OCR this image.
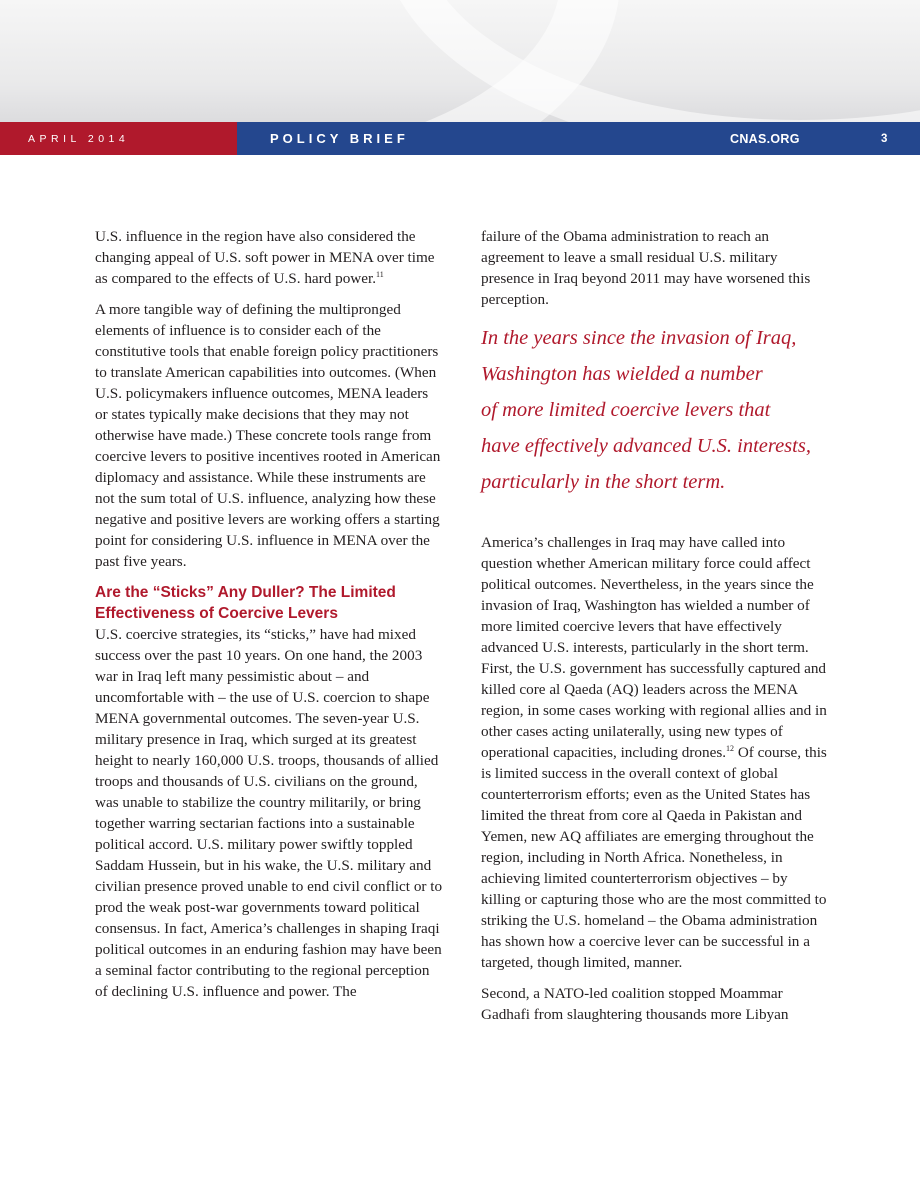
APRIL 2014	POLICY BRIEF	CNAS.ORG	3

U.S. influence in the region have also considered the changing appeal of U.S. soft power in MENA over time as compared to the effects of U.S. hard power.$^{11}$

A more tangible way of defining the multipronged elements of influence is to consider each of the constitutive tools that enable foreign policy practitioners to translate American capabilities into outcomes. (When U.S. policymakers influence outcomes, MENA leaders or states typically make decisions that they may not otherwise have made.) These concrete tools range from coercive levers to positive incentives rooted in American diplomacy and assistance. While these instruments are not the sum total of U.S. influence, analyzing how these negative and positive levers are working offers a starting point for considering U.S. influence in MENA over the past five years.

Are the “Sticks” Any Duller? The Limited Effectiveness of Coercive Levers

U.S. coercive strategies, its “sticks,” have had mixed success over the past 10 years. On one hand, the 2003 war in Iraq left many pessimistic about – and uncomfortable with – the use of U.S. coercion to shape MENA governmental outcomes. The seven-year U.S. military presence in Iraq, which surged at its greatest height to nearly 160,000 U.S. troops, thousands of allied troops and thousands of U.S. civilians on the ground, was unable to stabilize the country militarily, or bring together warring sectarian factions into a sustainable political accord. U.S. military power swiftly toppled Saddam Hussein, but in his wake, the U.S. military and civilian presence proved unable to end civil conflict or to prod the weak post-war governments toward political consensus. In fact, America’s challenges in shaping Iraqi political outcomes in an enduring fashion may have been a seminal factor contributing to the regional perception of declining U.S. influence and power. The

failure of the Obama administration to reach an agreement to leave a small residual U.S. military presence in Iraq beyond 2011 may have worsened this perception.

In the years since the invasion of Iraq,
Washington has wielded a number
of more limited coercive levers that
have effectively advanced U.S. interests,
particularly in the short term.

America’s challenges in Iraq may have called into question whether American military force could affect political outcomes. Nevertheless, in the years since the invasion of Iraq, Washington has wielded a number of more limited coercive levers that have effectively advanced U.S. interests, particularly in the short term. First, the U.S. government has successfully captured and killed core al Qaeda (AQ) leaders across the MENA region, in some cases working with regional allies and in other cases acting unilaterally, using new types of operational capacities, including drones.$^{12}$ Of course, this is limited success in the overall context of global counterterrorism efforts; even as the United States has limited the threat from core al Qaeda in Pakistan and Yemen, new AQ affiliates are emerging throughout the region, including in North Africa. Nonetheless, in achieving limited counterterrorism objectives – by killing or capturing those who are the most committed to striking the U.S. homeland – the Obama administration has shown how a coercive lever can be successful in a targeted, though limited, manner.

Second, a NATO-led coalition stopped Moammar Gadhafi from slaughtering thousands more Libyan
